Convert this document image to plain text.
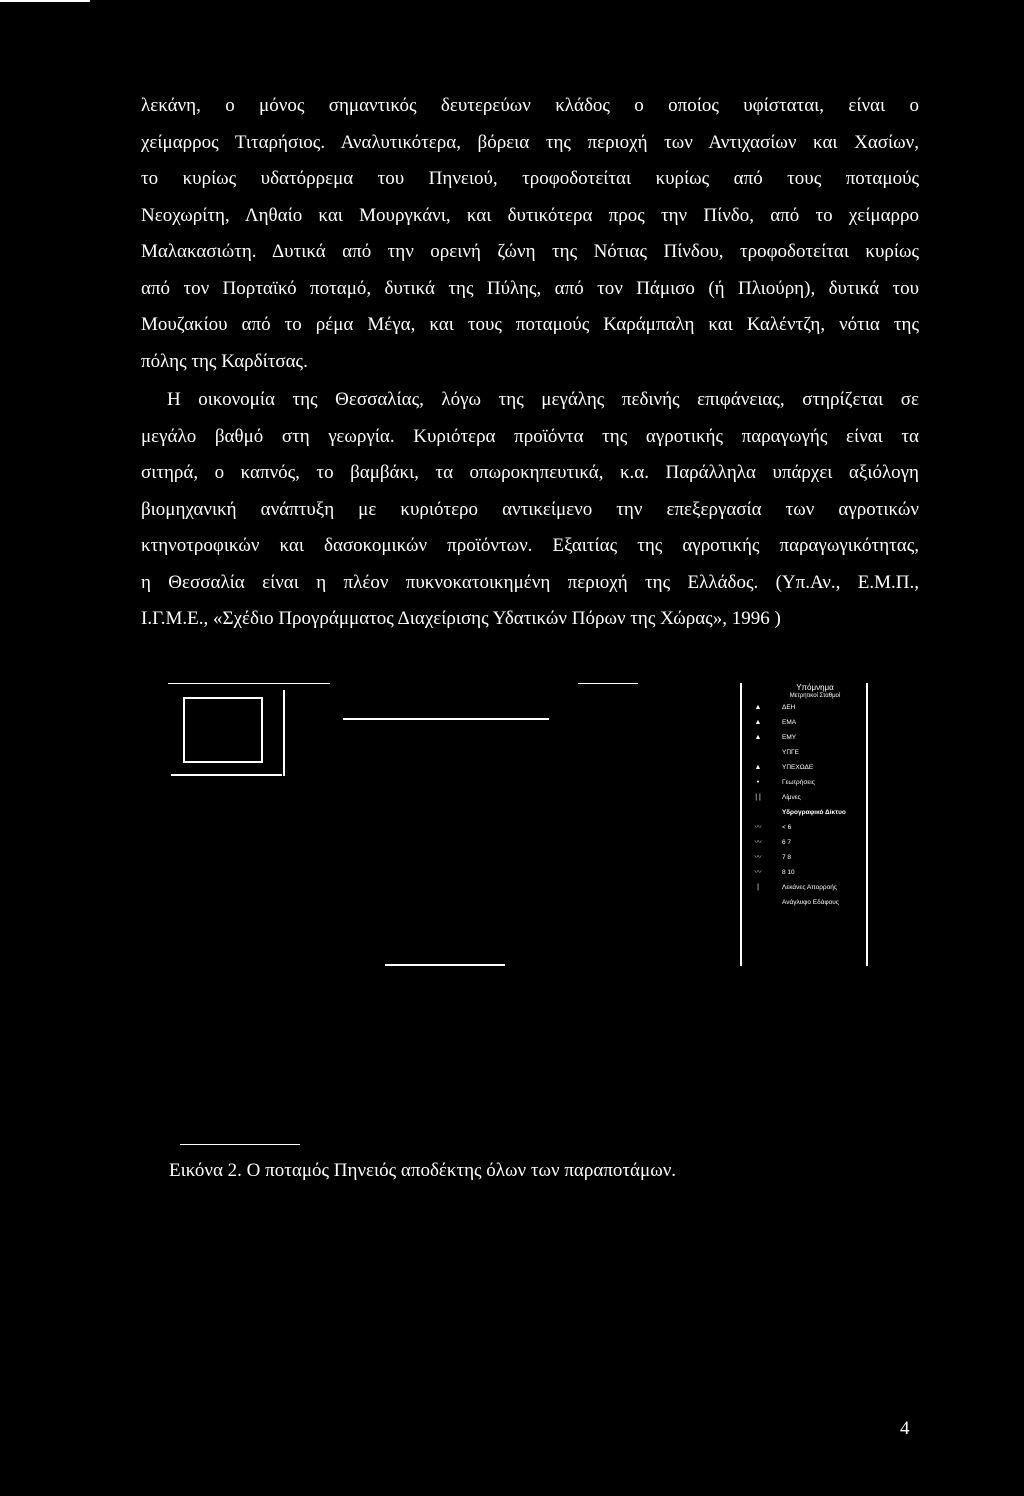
λεκάνη, ο μόνος σημαντικός δευτερεύων κλάδος ο οποίος υφίσταται, είναι ο
χείμαρρος Τιταρήσιος. Αναλυτικότερα, βόρεια της περιοχή των Αντιχασίων και Χασίων,
το κυρίως υδατόρρεμα του Πηνειού, τροφοδοτείται κυρίως από τους ποταμούς
Νεοχωρίτη, Ληθαίο και Μουργκάνι, και δυτικότερα προς την Πίνδο, από το χείμαρρο
Μαλακασιώτη. Δυτικά από την ορεινή ζώνη της Νότιας Πίνδου, τροφοδοτείται κυρίως
από τον Πορταϊκό ποταμό, δυτικά της Πύλης, από τον Πάμισο (ή Πλιούρη), δυτικά του
Μουζακίου από το ρέμα Μέγα, και τους ποταμούς Καράμπαλη και Καλέντζη, νότια της
πόλης της Καρδίτσας.
Η οικονομία της Θεσσαλίας, λόγω της μεγάλης πεδινής επιφάνειας, στηρίζεται σε
μεγάλο βαθμό στη γεωργία. Κυριότερα προϊόντα της αγροτικής παραγωγής είναι τα
σιτηρά, ο καπνός, το βαμβάκι, τα οπωροκηπευτικά, κ.α. Παράλληλα υπάρχει αξιόλογη
βιομηχανική ανάπτυξη με κυριότερο αντικείμενο την επεξεργασία των αγροτικών
κτηνοτροφικών και δασοκομικών προϊόντων. Εξαιτίας της αγροτικής παραγωγικότητας,
η Θεσσαλία είναι η πλέον πυκνοκατοικημένη περιοχή της Ελλάδος. (Υπ.Αν., Ε.Μ.Π.,
Ι.Γ.Μ.Ε., «Σχέδιο Προγράμματος Διαχείρισης Υδατικών Πόρων της Χώρας», 1996 )
Υπόμνημα
Μετρητικοί Σταθμοί
▲	ΔΕΗ
▲	ΕΜΑ
▲	ΕΜΥ
ΥΠΓΕ
▲	ΥΠΕΧΩΔΕ
•	Γεωτρήσεις
| |	Λίμνες
Υδρογραφικό Δίκτυο
〰	< 6
〰	6 7
〰	7 8
〰	8 10
|	Λεκάνες Απορροής
Ανάγλυφο Εδάφους
Εικόνα 2. Ο ποταμός Πηνειός αποδέκτης όλων των παραποτάμων.
4
